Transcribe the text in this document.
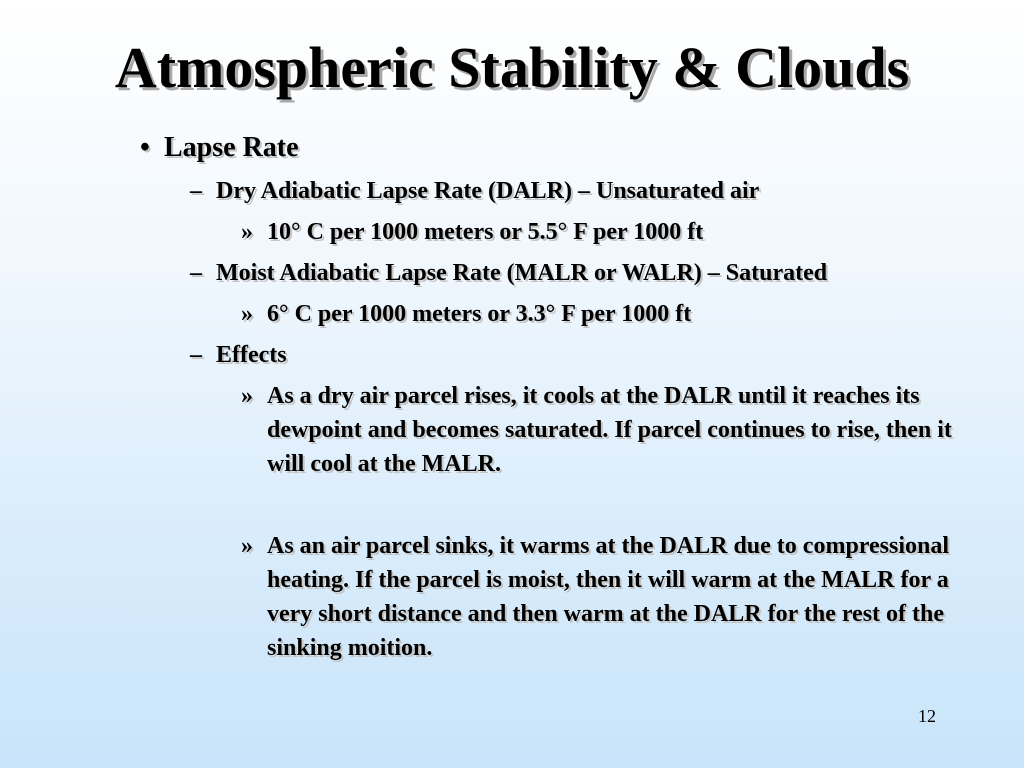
Atmospheric Stability & Clouds
• Lapse Rate
– Dry Adiabatic Lapse Rate (DALR) – Unsaturated air
» 10° C per 1000 meters or 5.5° F per 1000 ft
– Moist Adiabatic Lapse Rate (MALR or WALR) – Saturated
» 6° C per 1000 meters or 3.3° F per 1000 ft
– Effects
» As a dry air parcel rises, it cools at the DALR until it reaches its dewpoint and becomes saturated. If parcel continues to rise, then it will cool at the MALR.
» As an air parcel sinks, it warms at the DALR due to compressional heating. If the parcel is moist, then it will warm at the MALR for a very short distance and then warm at the DALR for the rest of the sinking moition.
12
